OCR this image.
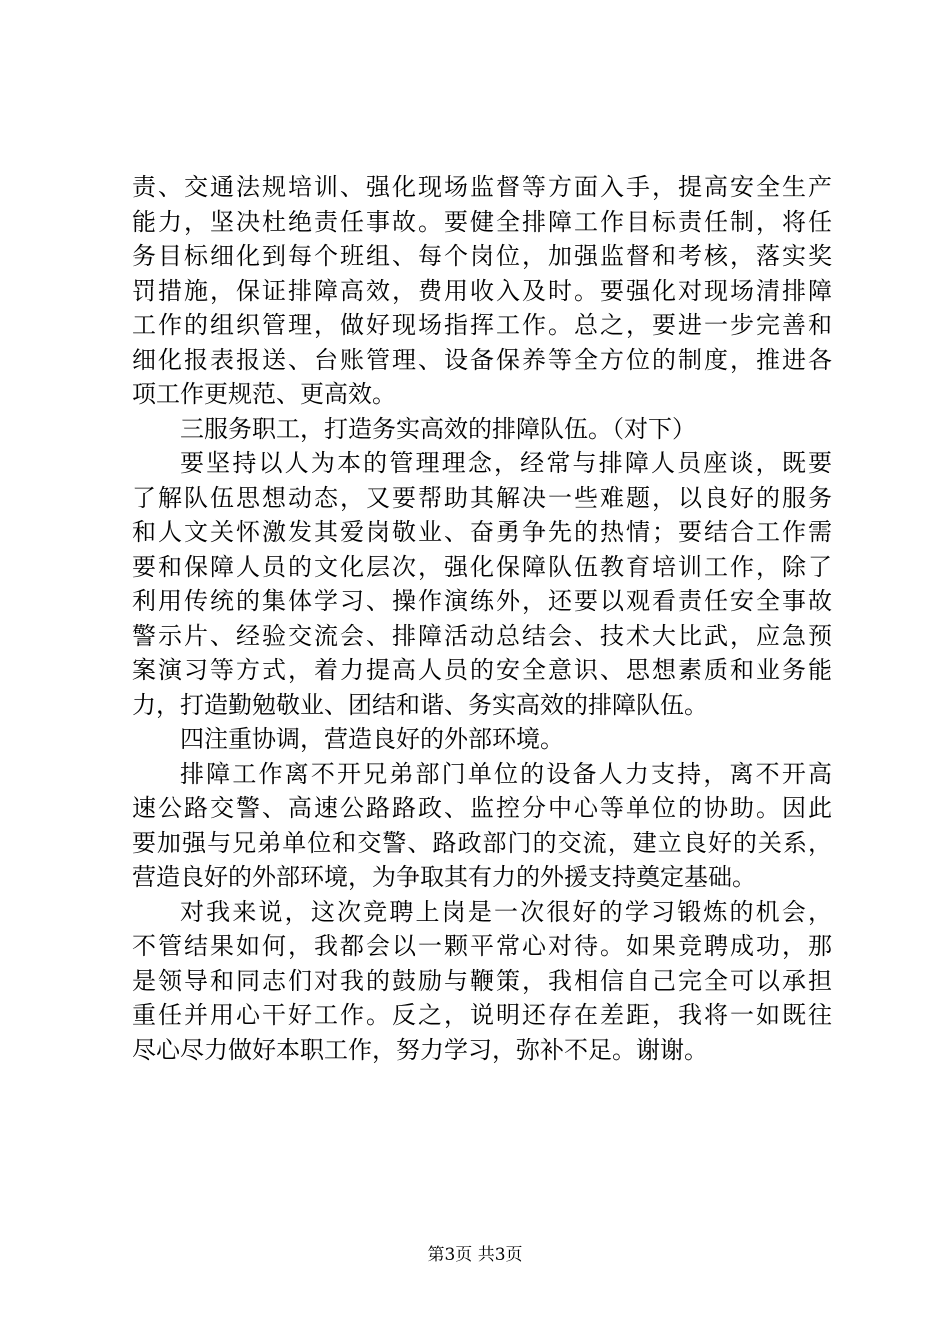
责、交通法规培训、强化现场监督等方面入手，提高安全生产
能力，坚决杜绝责任事故。要健全排障工作目标责任制，将任
务目标细化到每个班组、每个岗位，加强监督和考核，落实奖
罚措施，保证排障高效，费用收入及时。要强化对现场清排障
工作的组织管理，做好现场指挥工作。总之，要进一步完善和
细化报表报送、台账管理、设备保养等全方位的制度，推进各
项工作更规范、更高效。
三服务职工，打造务实高效的排障队伍。（对下）
要坚持以人为本的管理理念，经常与排障人员座谈，既要
了解队伍思想动态，又要帮助其解决一些难题，以良好的服务
和人文关怀激发其爱岗敬业、奋勇争先的热情；要结合工作需
要和保障人员的文化层次，强化保障队伍教育培训工作，除了
利用传统的集体学习、操作演练外，还要以观看责任安全事故
警示片、经验交流会、排障活动总结会、技术大比武，应急预
案演习等方式，着力提高人员的安全意识、思想素质和业务能
力，打造勤勉敬业、团结和谐、务实高效的排障队伍。
四注重协调，营造良好的外部环境。
排障工作离不开兄弟部门单位的设备人力支持，离不开高
速公路交警、高速公路路政、监控分中心等单位的协助。因此
要加强与兄弟单位和交警、路政部门的交流，建立良好的关系，
营造良好的外部环境，为争取其有力的外援支持奠定基础。
对我来说，这次竞聘上岗是一次很好的学习锻炼的机会，
不管结果如何，我都会以一颗平常心对待。如果竞聘成功，那
是领导和同志们对我的鼓励与鞭策，我相信自己完全可以承担
重任并用心干好工作。反之，说明还存在差距，我将一如既往
尽心尽力做好本职工作，努力学习，弥补不足。谢谢。
第3页 共3页
